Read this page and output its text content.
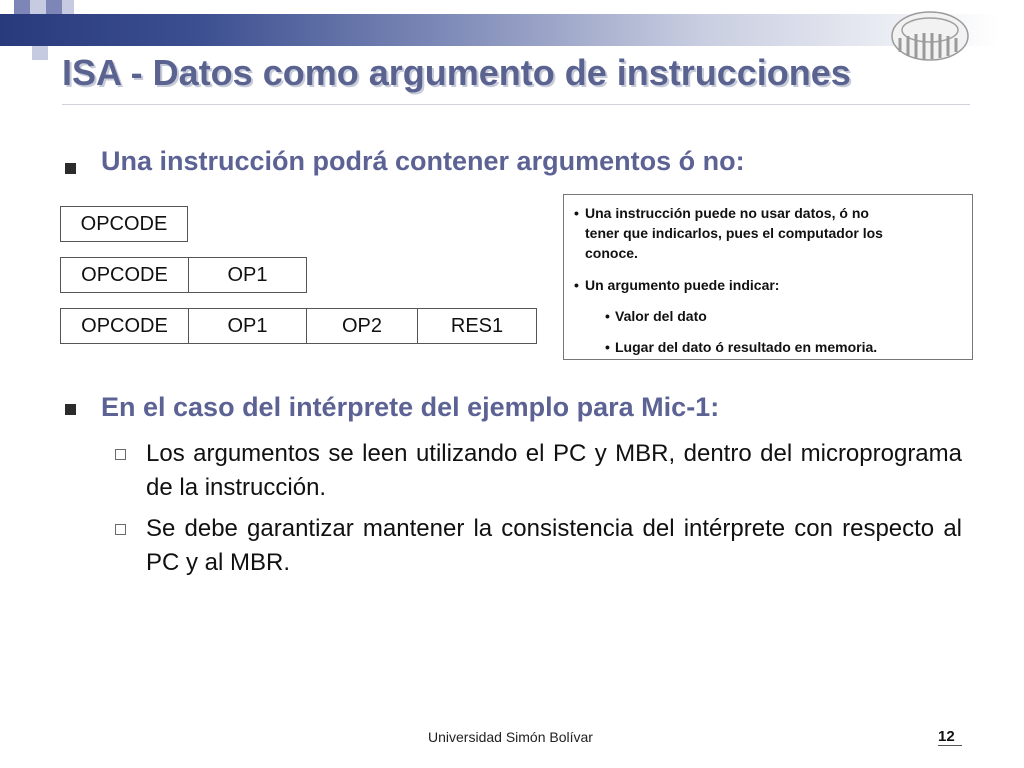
ISA - Datos como argumento de instrucciones
Una instrucción podrá contener argumentos ó no:
OPCODE
OPCODE	OP1
OPCODE	OP1	OP2	RES1
• Una instrucción puede no usar datos, ó no
tener que indicarlos, pues el computador los
conoce.
• Un argumento puede indicar:
• Valor del dato
• Lugar del dato ó resultado en memoria.
En el caso del intérprete del ejemplo para Mic-1:
Los argumentos se leen utilizando el PC y MBR, dentro del microprograma de la instrucción.
Se debe garantizar mantener la consistencia del intérprete con respecto al PC y al MBR.
Universidad Simón Bolívar	12
